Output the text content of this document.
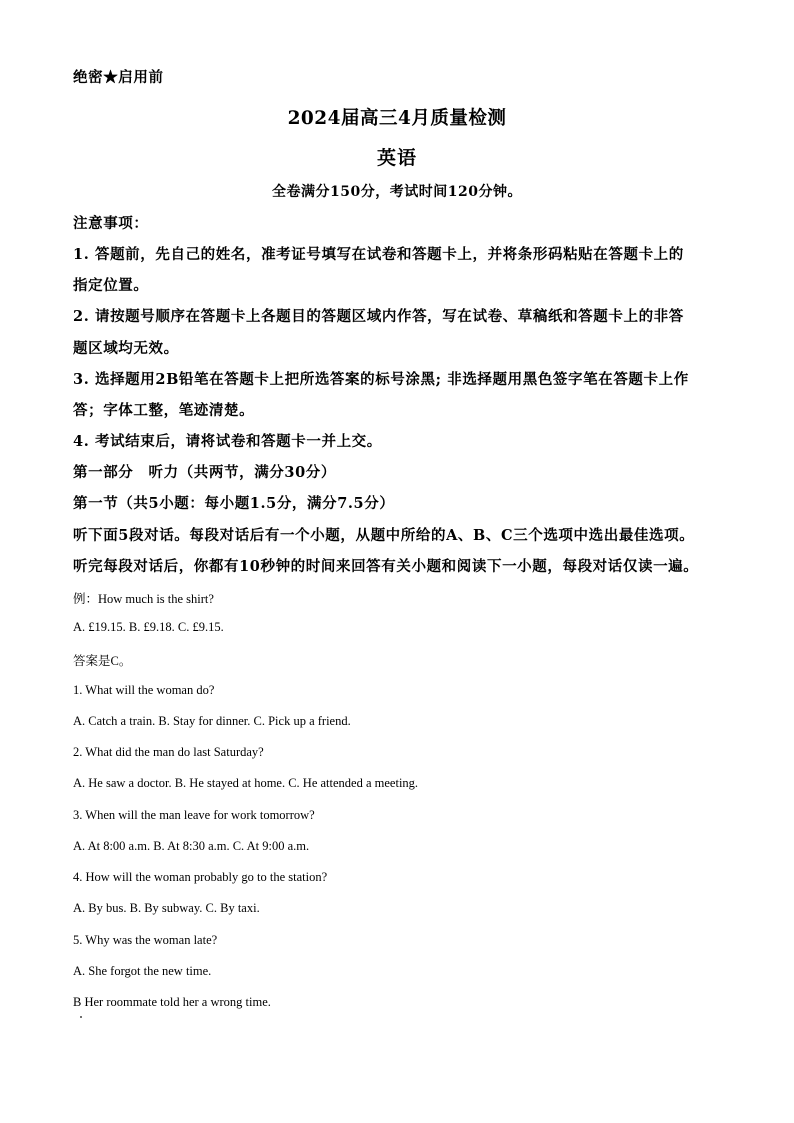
绝密★启用前
2024届高三4月质量检测
英语
全卷满分150分，考试时间120分钟。
注意事项：
1. 答题前，先自己的姓名，准考证号填写在试卷和答题卡上，并将条形码粘贴在答题卡上的
指定位置。
2. 请按题号顺序在答题卡上各题目的答题区域内作答，写在试卷、草稿纸和答题卡上的非答
题区域均无效。
3. 选择题用2B铅笔在答题卡上把所选答案的标号涂黑; 非选择题用黑色签字笔在答题卡上作
答；字体工整，笔迹清楚。
4. 考试结束后，请将试卷和答题卡一并上交。
第一部分　听力（共两节，满分30分）
第一节（共5小题：每小题1.5分，满分7.5分）
听下面5段对话。每段对话后有一个小题，从题中所给的A、B、C三个选项中选出最佳选项。
听完每段对话后，你都有10秒钟的时间来回答有关小题和阅读下一小题，每段对话仅读一遍。
例：How much is the shirt?
A. £19.15. B. £9.18. C. £9.15.
答案是C。
1. What will the woman do?
A. Catch a train. B. Stay for dinner. C. Pick up a friend.
2. What did the man do last Saturday?
A. He saw a doctor. B. He stayed at home. C. He attended a meeting.
3. When will the man leave for work tomorrow?
A. At 8:00 a.m. B. At 8:30 a.m. C. At 9:00 a.m.
4. How will the woman probably go to the station?
A. By bus. B. By subway. C. By taxi.
5. Why was the woman late?
A. She forgot the new time.
B Her roommate told her a wrong time.
